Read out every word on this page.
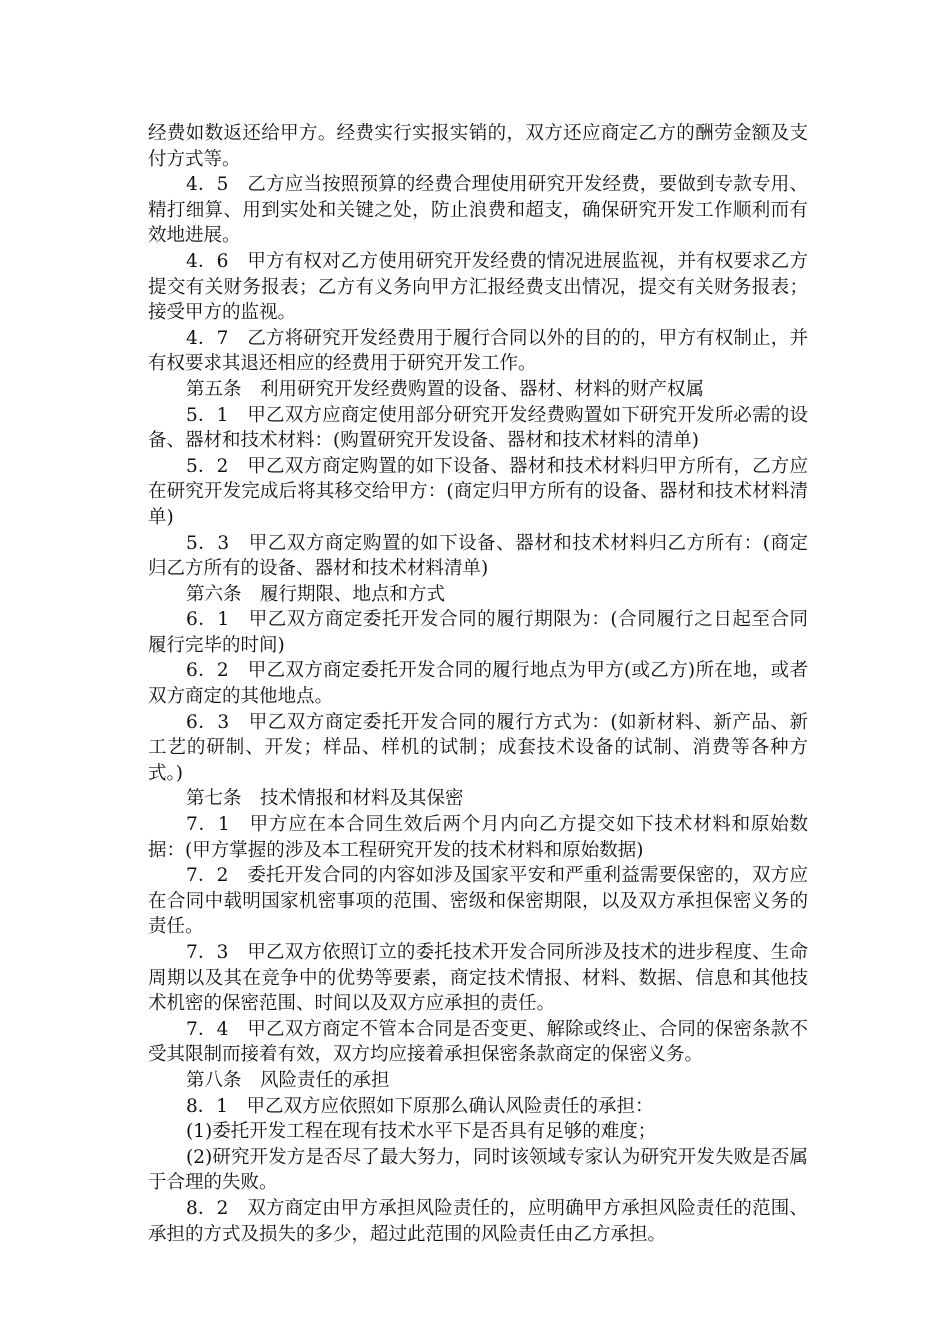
经费如数返还给甲方。经费实行实报实销的，双方还应商定乙方的酬劳金额及支付方式等。

4．5　乙方应当按照预算的经费合理使用研究开发经费，要做到专款专用、精打细算、用到实处和关键之处，防止浪费和超支，确保研究开发工作顺利而有效地进展。

4．6　甲方有权对乙方使用研究开发经费的情况进展监视，并有权要求乙方提交有关财务报表；乙方有义务向甲方汇报经费支出情况，提交有关财务报表；接受甲方的监视。

4．7　乙方将研究开发经费用于履行合同以外的目的的，甲方有权制止，并有权要求其退还相应的经费用于研究开发工作。

第五条　利用研究开发经费购置的设备、器材、材料的财产权属

5．1　甲乙双方应商定使用部分研究开发经费购置如下研究开发所必需的设备、器材和技术材料：(购置研究开发设备、器材和技术材料的清单)

5．2　甲乙双方商定购置的如下设备、器材和技术材料归甲方所有，乙方应在研究开发完成后将其移交给甲方：(商定归甲方所有的设备、器材和技术材料清单)

5．3　甲乙双方商定购置的如下设备、器材和技术材料归乙方所有：(商定归乙方所有的设备、器材和技术材料清单)

第六条　履行期限、地点和方式

6．1　甲乙双方商定委托开发合同的履行期限为：(合同履行之日起至合同履行完毕的时间)

6．2　甲乙双方商定委托开发合同的履行地点为甲方(或乙方)所在地，或者双方商定的其他地点。

6．3　甲乙双方商定委托开发合同的履行方式为：(如新材料、新产品、新工艺的研制、开发；样品、样机的试制；成套技术设备的试制、消费等各种方式。)

第七条　技术情报和材料及其保密

7．1　甲方应在本合同生效后两个月内向乙方提交如下技术材料和原始数据：(甲方掌握的涉及本工程研究开发的技术材料和原始数据)

7．2　委托开发合同的内容如涉及国家平安和严重利益需要保密的，双方应在合同中载明国家机密事项的范围、密级和保密期限，以及双方承担保密义务的责任。

7．3　甲乙双方依照订立的委托技术开发合同所涉及技术的进步程度、生命周期以及其在竞争中的优势等要素，商定技术情报、材料、数据、信息和其他技术机密的保密范围、时间以及双方应承担的责任。

7．4　甲乙双方商定不管本合同是否变更、解除或终止、合同的保密条款不受其限制而接着有效，双方均应接着承担保密条款商定的保密义务。

第八条　风险责任的承担

8．1　甲乙双方应依照如下原那么确认风险责任的承担：

(1)委托开发工程在现有技术水平下是否具有足够的难度；

(2)研究开发方是否尽了最大努力，同时该领域专家认为研究开发失败是否属于合理的失败。

8．2　双方商定由甲方承担风险责任的，应明确甲方承担风险责任的范围、承担的方式及损失的多少，超过此范围的风险责任由乙方承担。
